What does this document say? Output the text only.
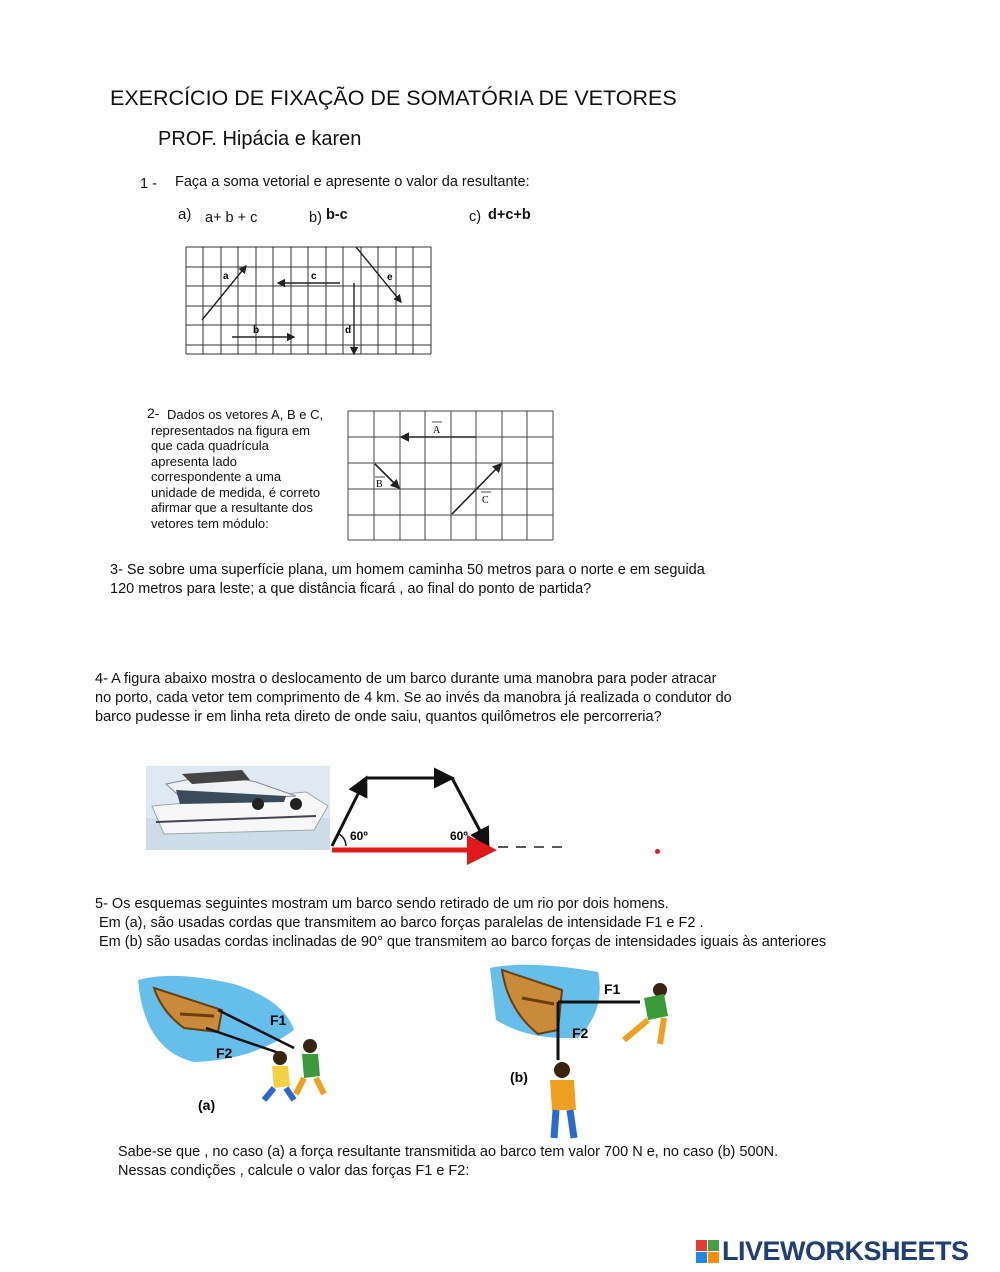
EXERCÍCIO DE FIXAÇÃO DE SOMATÓRIA DE VETORES
PROF. Hipácia e karen
1 - Faça a soma vetorial e apresente o valor da resultante:
a) a+ b + c	b) b-c	c) d+c+b
a	c	e
b	d
2- Dados os vetores A, B e C,
representados na figura em
que cada quadrícula
apresenta lado
correspondente a uma
unidade de medida, é correto
afirmar que a resultante dos
vetores tem módulo:
A
B
C
3- Se sobre uma superfície plana, um homem caminha 50 metros para o norte e em seguida
120 metros para leste; a que distância ficará , ao final do ponto de partida?
4- A figura abaixo mostra o deslocamento de um barco durante uma manobra para poder atracar
no porto, cada vetor tem comprimento de 4 km. Se ao invés da manobra já realizada o condutor do
barco pudesse ir em linha reta direto de onde saiu, quantos quilômetros ele percorreria?
60º	60º
5- Os esquemas seguintes mostram um barco sendo retirado de um rio por dois homens.
Em (a), são usadas cordas que transmitem ao barco forças paralelas de intensidade F1 e F2 .
Em (b) são usadas cordas inclinadas de 90° que transmitem ao barco forças de intensidades iguais às anteriores
F1
F2
(a)
F1
F2
(b)
Sabe-se que , no caso (a) a força resultante transmitida ao barco tem valor 700 N e, no caso (b) 500N.
Nessas condições , calcule o valor das forças F1 e F2:
LIVEWORKSHEETS
